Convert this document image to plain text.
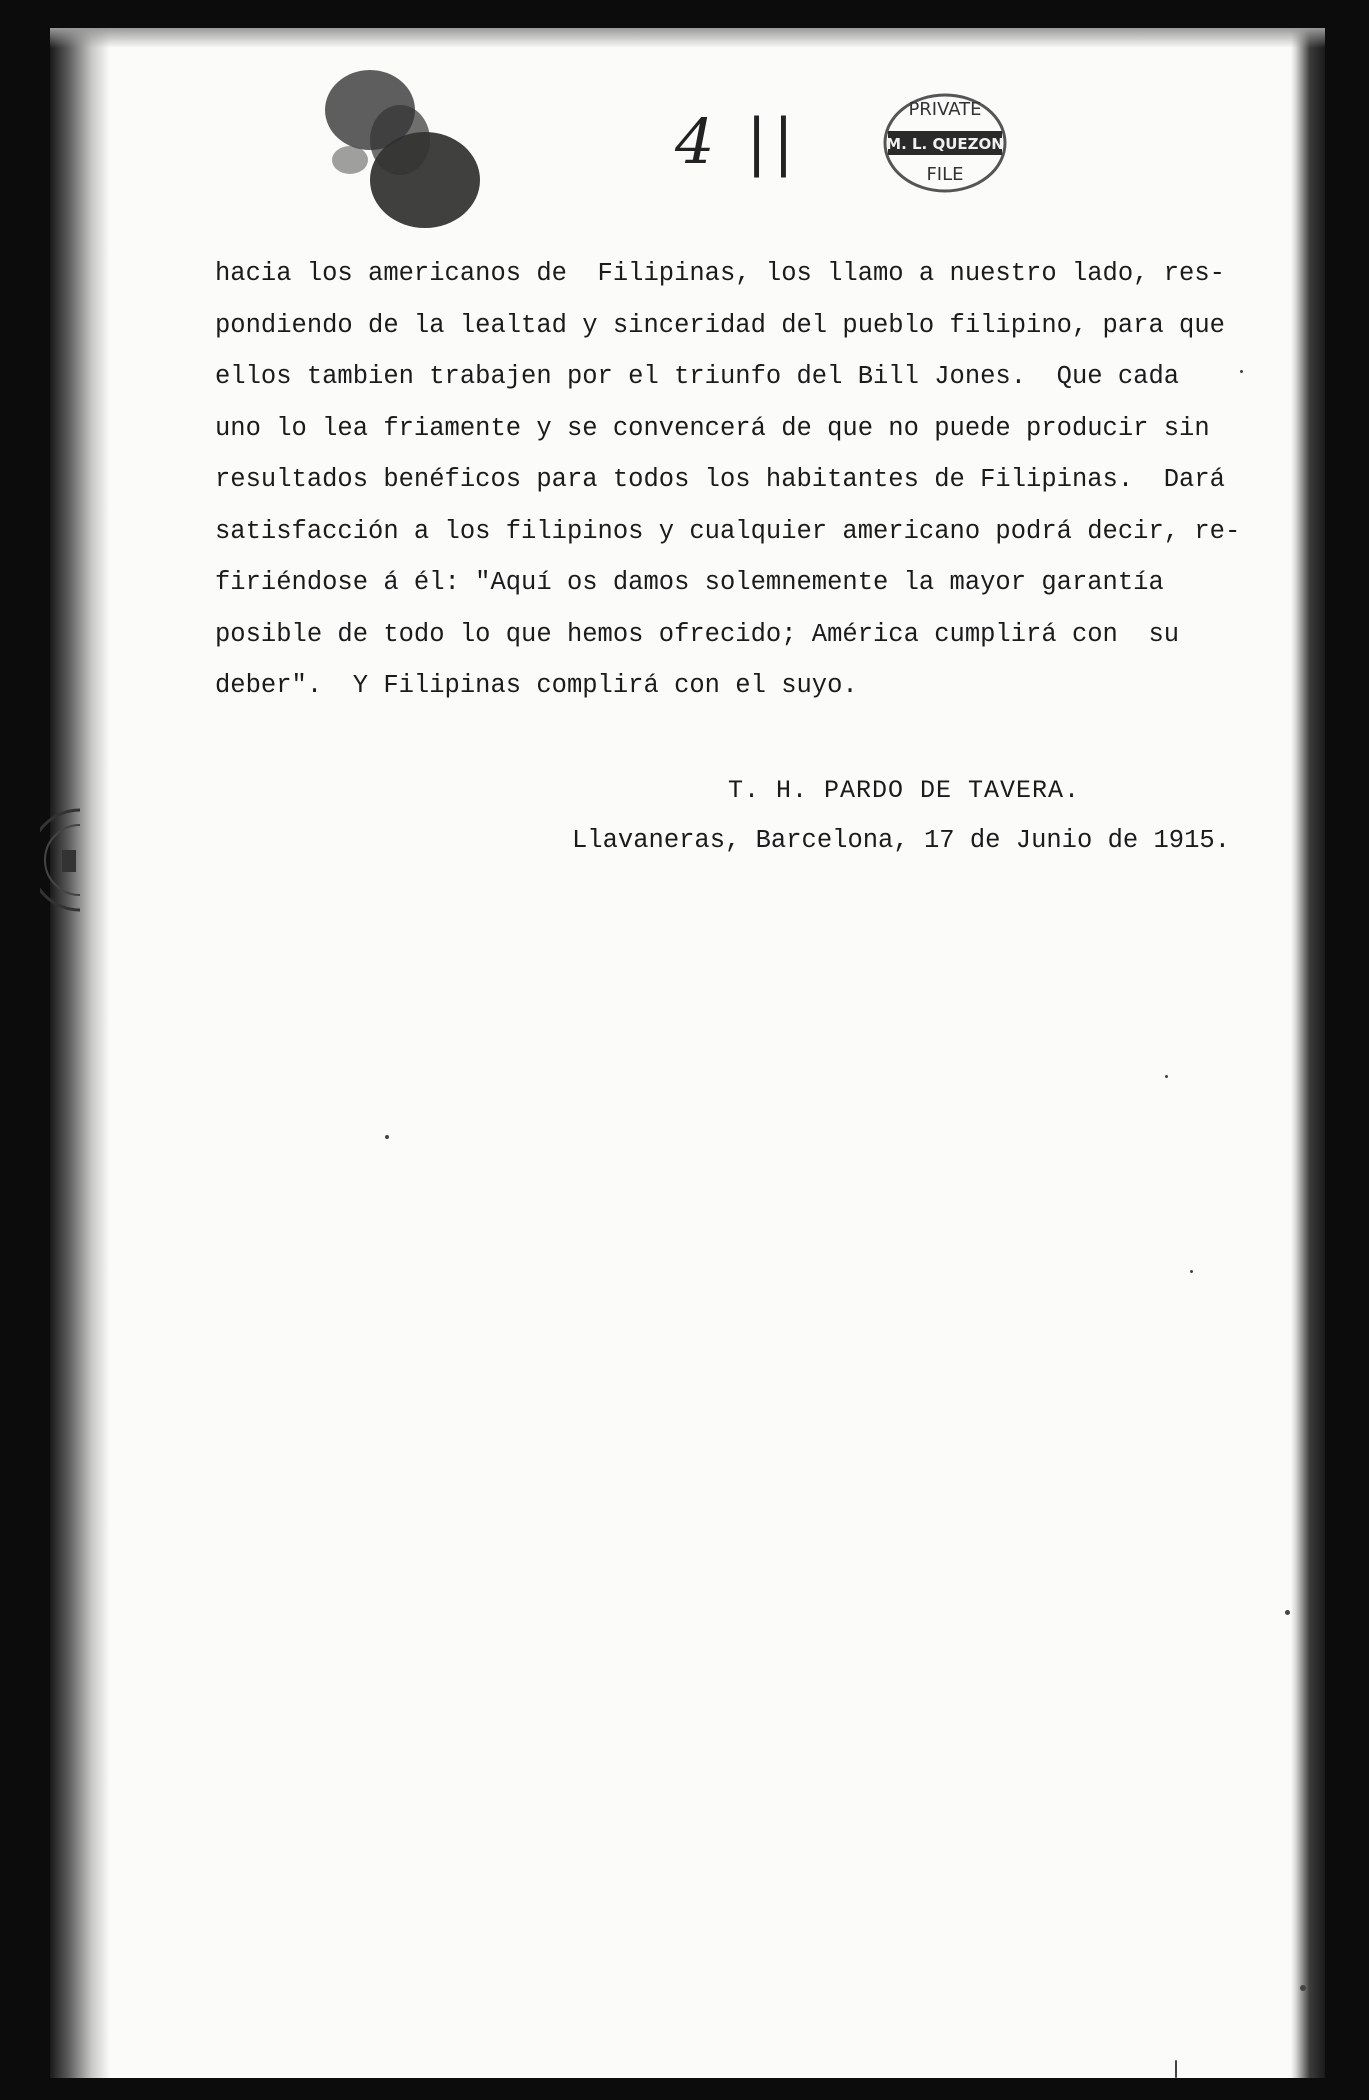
4 ||	PRIVATE
M. L. QUEZON
FILE
hacia los americanos de  Filipinas, los llamo a nuestro lado, res-
pondiendo de la lealtad y sinceridad del pueblo filipino, para que
ellos tambien trabajen por el triunfo del Bill Jones.  Que cada
uno lo lea friamente y se convencerá de que no puede producir sin
resultados benéficos para todos los habitantes de Filipinas.  Dará
satisfacción a los filipinos y cualquier americano podrá decir, re-
firiéndose á él: "Aquí os damos solemnemente la mayor garantía
posible de todo lo que hemos ofrecido; América cumplirá con  su
deber".  Y Filipinas complirá con el suyo.
T. H. PARDO DE TAVERA.
Llavaneras, Barcelona, 17 de Junio de 1915.
